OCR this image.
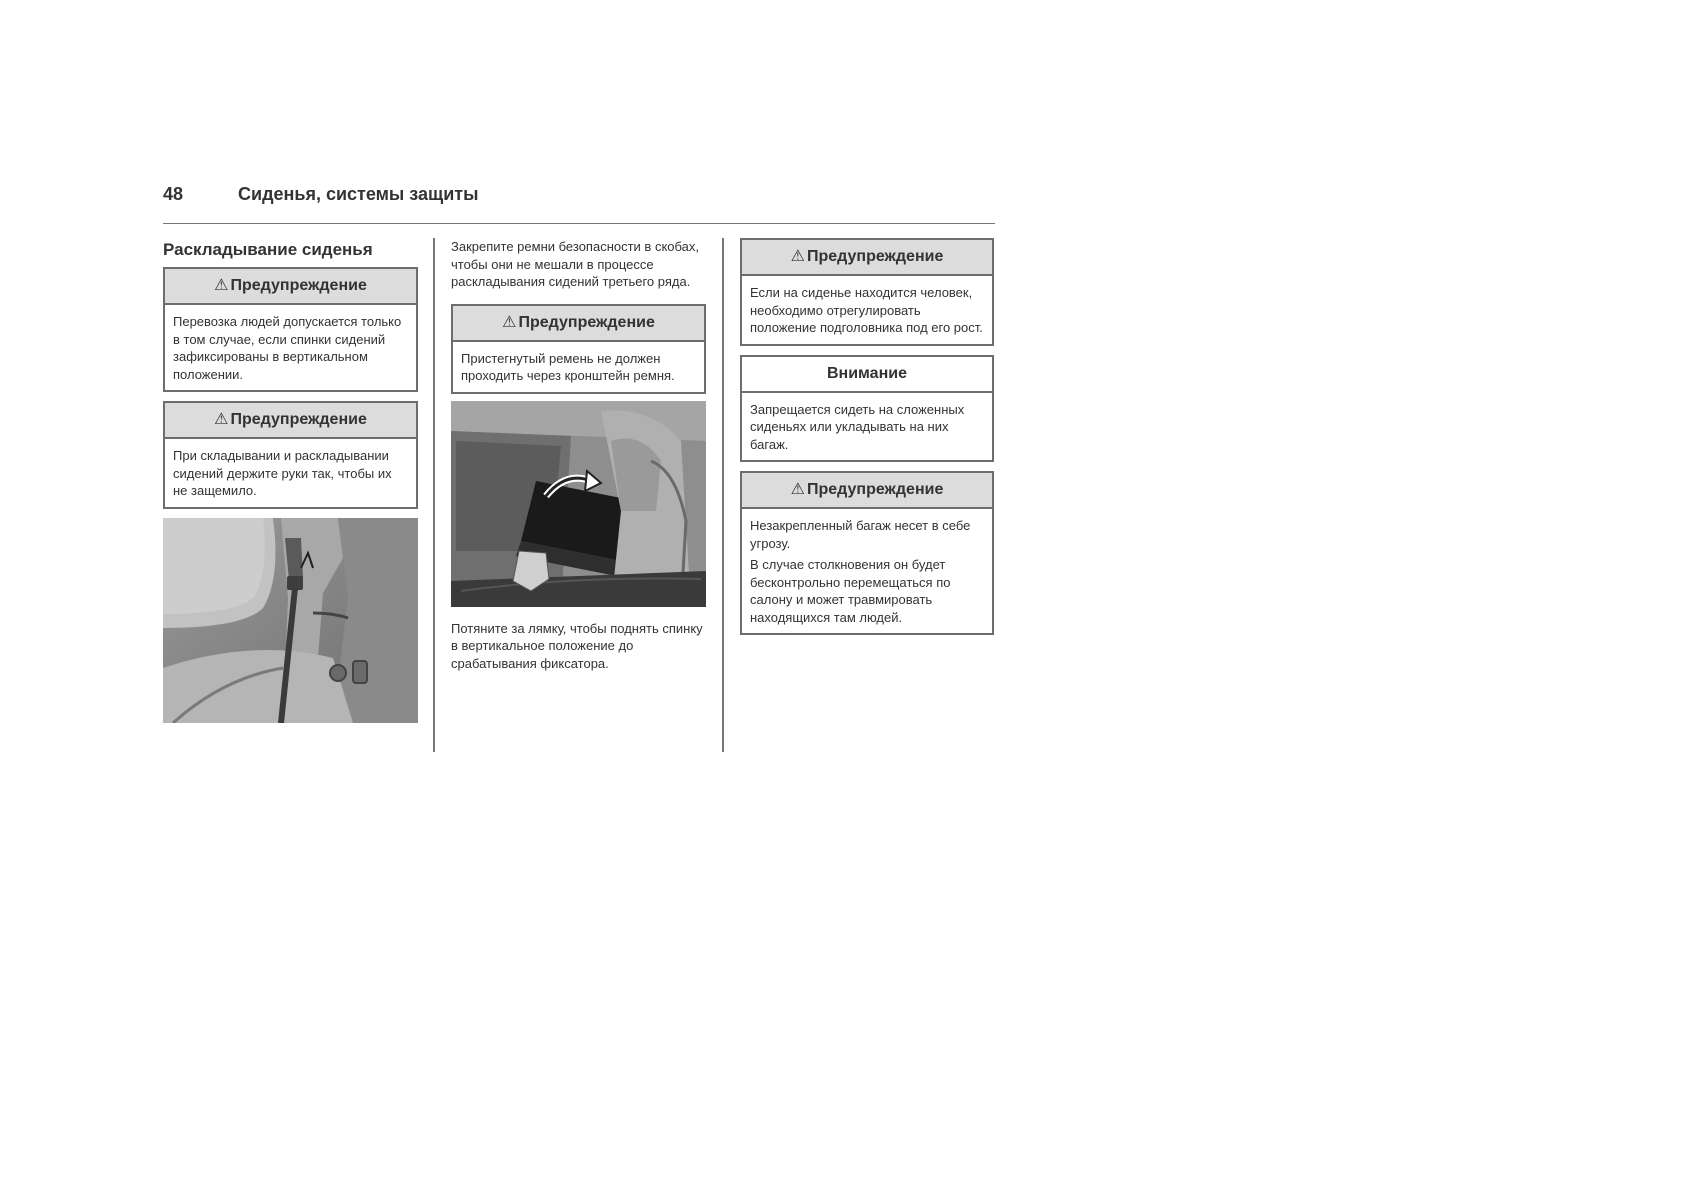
48	Сиденья, системы защиты
Раскладывание сиденья
⚠ Предупреждение

Перевозка людей допускается только в том случае, если спинки сидений зафиксированы в вертикальном положении.

⚠ Предупреждение

При складывании и раскладывании сидений держите руки так, чтобы их не защемило.

Закрепите ремни безопасности в скобах, чтобы они не мешали в процессе раскладывания сидений третьего ряда.

⚠ Предупреждение

Пристегнутый ремень не должен проходить через кронштейн ремня.

Потяните за лямку, чтобы поднять спинку в вертикальное положение до срабатывания фиксатора.

⚠ Предупреждение

Если на сиденье находится человек, необходимо отрегулировать положение подголовника под его рост.

Внимание

Запрещается сидеть на сложенных сиденьях или укладывать на них багаж.

⚠ Предупреждение

Незакрепленный багаж несет в себе угрозу.

В случае столкновения он будет бесконтрольно перемещаться по салону и может травмировать находящихся там людей.
